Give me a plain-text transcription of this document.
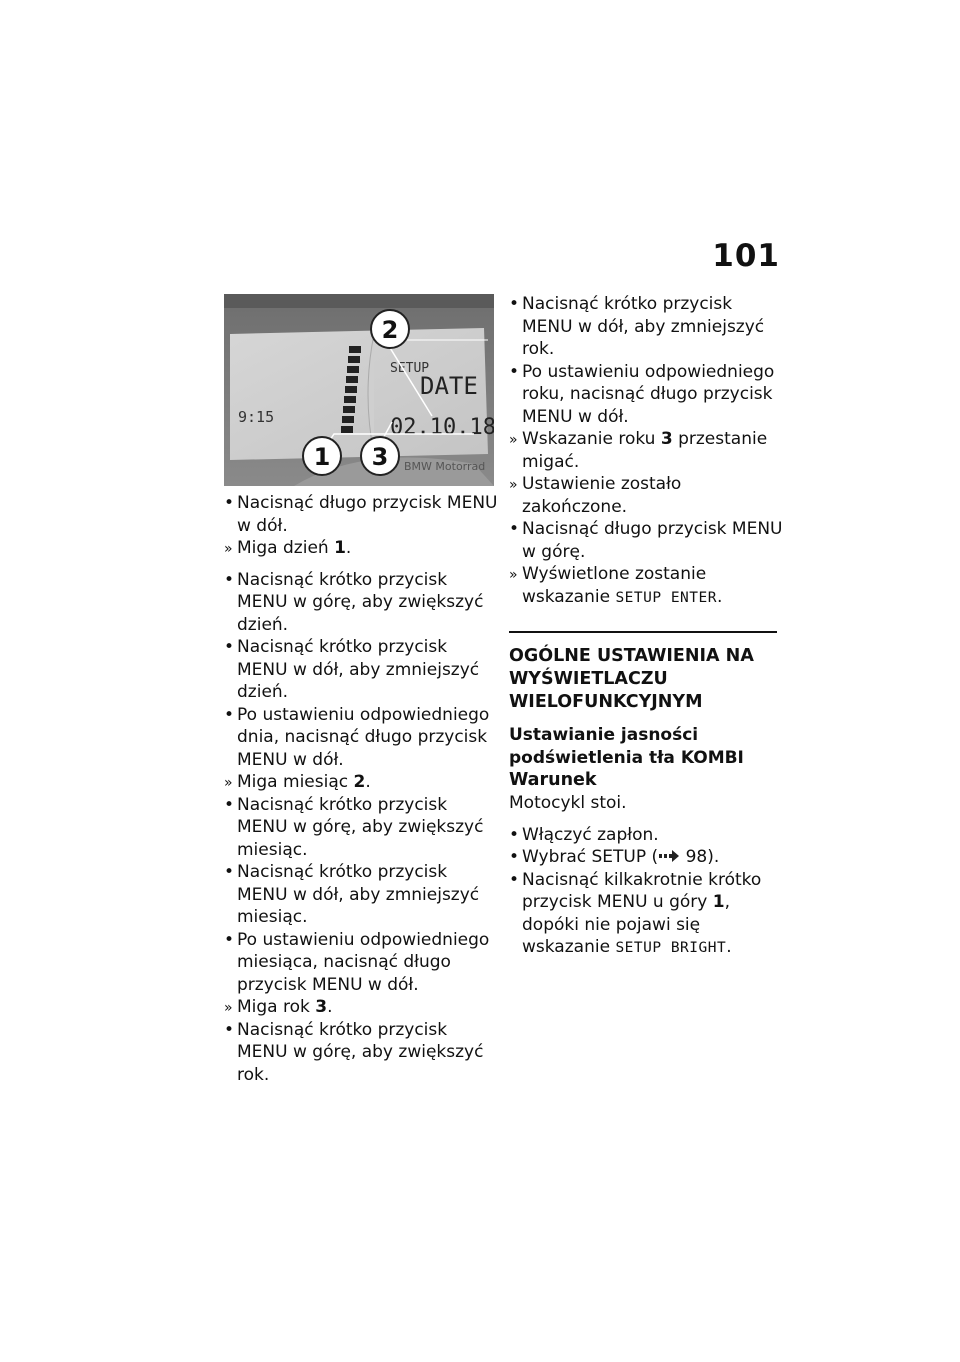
101
SETUP
DATE
02.10.18
9:15
BMW Motorrad
1
2
3
•
Nacisnąć długo przycisk MENU w dół.
»
Miga dzień 1.
•
Nacisnąć krótko przycisk MENU w górę, aby zwiększyć dzień.
•
Nacisnąć krótko przycisk MENU w dół, aby zmniejszyć dzień.
•
Po ustawieniu odpowiedniego dnia, nacisnąć długo przycisk MENU w dół.
»
Miga miesiąc 2.
•
Nacisnąć krótko przycisk MENU w górę, aby zwiększyć miesiąc.
•
Nacisnąć krótko przycisk MENU w dół, aby zmniejszyć miesiąc.
•
Po ustawieniu odpowiedniego miesiąca, nacisnąć długo przycisk MENU w dół.
»
Miga rok 3.
•
Nacisnąć krótko przycisk MENU w górę, aby zwiększyć rok.
•
Nacisnąć krótko przycisk MENU w dół, aby zmniejszyć rok.
•
Po ustawieniu odpowiedniego roku, nacisnąć długo przycisk MENU w dół.
»
Wskazanie roku 3 przestanie migać.
»
Ustawienie zostało zakończone.
•
Nacisnąć długo przycisk MENU w górę.
»
Wyświetlone zostanie wskazanie SETUP ENTER.
OGÓLNE USTAWIENIA NA WYŚWIETLACZU WIELOFUNKCYJNYM
Ustawianie jasności podświetlenia tła KOMBI
Warunek
Motocykl stoi.
•
Włączyć zapłon.
•
Wybrać SETUP ( 98).
•
Nacisnąć kilkakrotnie krótko przycisk MENU u góry 1, dopóki nie pojawi się wskazanie SETUP BRIGHT.
